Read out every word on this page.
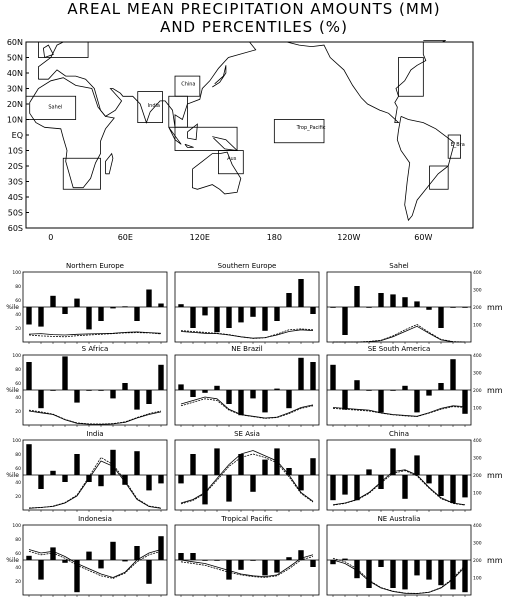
AREAL MEAN PRECIPITATION AMOUNTS (MM)
AND PERCENTILES (%)
60N
50N
40N
30N
20N
10N
EQ
10S
20S
30S
40S
50S
60S
0	60E	120E	180	120W	60W
Sahel	India
China
Trop_Pacific
E_Bra
Aus
Northern Europe
100
80
60
40
20
%ile
Southern Europe	Sahel
400
300
200
100
mm
S Africa
100
80
60
40
20
%ile
NE Brazil	SE South America
400
300
200
100
mm
India
100
80
60
40
20
%ile
SE Asia	China
400
300
200
100
mm
Indonesia
100
80
60
40
20
%ile
Tropical Pacific	NE Australia
400
300
200
100
mm
